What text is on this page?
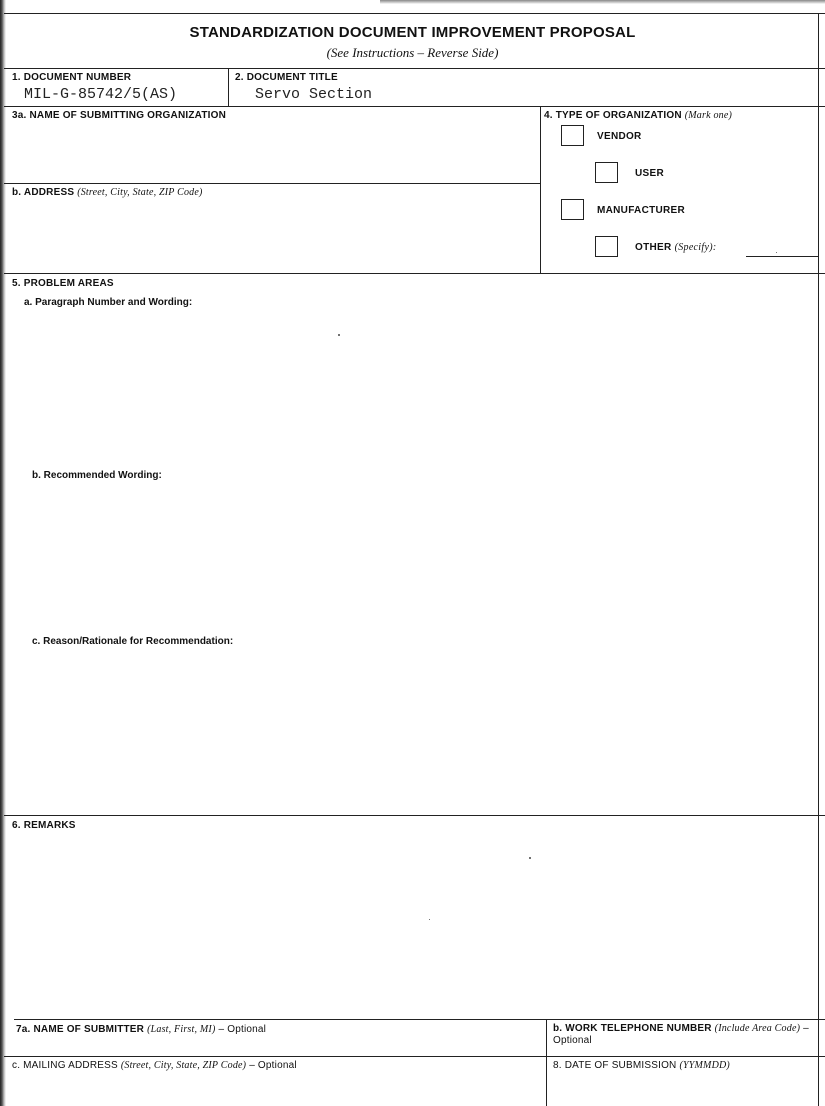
STANDARDIZATION DOCUMENT IMPROVEMENT PROPOSAL
(See Instructions – Reverse Side)
1. DOCUMENT NUMBER
MIL-G-85742/5(AS)
2. DOCUMENT TITLE
Servo Section
3a. NAME OF SUBMITTING ORGANIZATION
b. ADDRESS (Street, City, State, ZIP Code)
4. TYPE OF ORGANIZATION (Mark one)
VENDOR
USER
MANUFACTURER
OTHER (Specify):
5. PROBLEM AREAS
a. Paragraph Number and Wording:
b. Recommended Wording:
c. Reason/Rationale for Recommendation:
6. REMARKS
7a. NAME OF SUBMITTER (Last, First, MI) – Optional	b. WORK TELEPHONE NUMBER (Include Area Code) – Optional
c. MAILING ADDRESS (Street, City, State, ZIP Code) – Optional	8. DATE OF SUBMISSION (YYMMDD)
